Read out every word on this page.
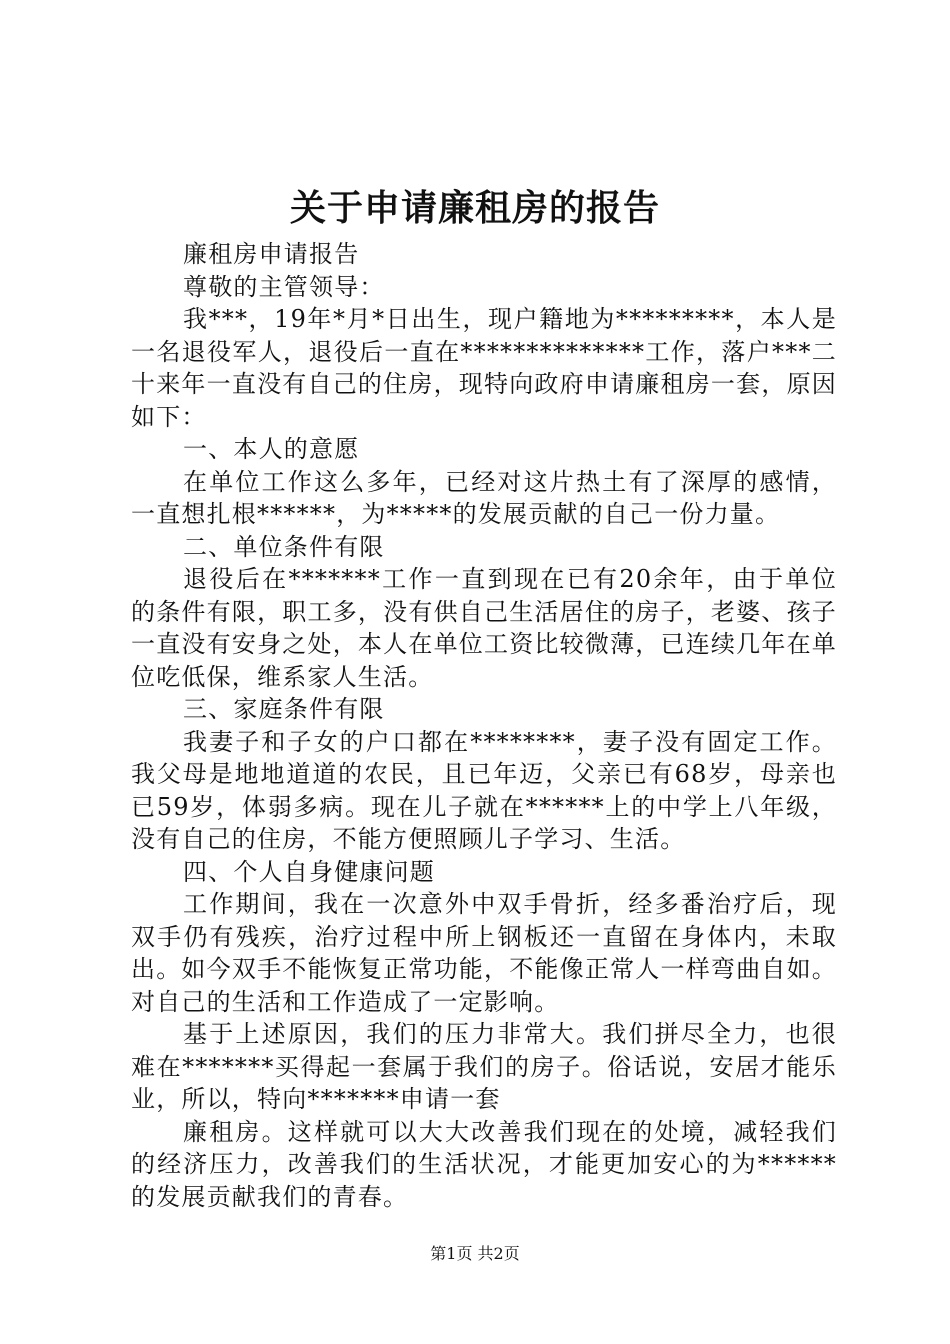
关于申请廉租房的报告

廉租房申请报告

尊敬的主管领导：

我***，19年*月*日出生，现户籍地为*********，本人是一名退役军人，退役后一直在**************工作，落户***二十来年一直没有自己的住房，现特向政府申请廉租房一套，原因如下：

一、本人的意愿

在单位工作这么多年，已经对这片热土有了深厚的感情，一直想扎根******，为*****的发展贡献的自己一份力量。

二、单位条件有限

退役后在*******工作一直到现在已有20余年，由于单位的条件有限，职工多，没有供自己生活居住的房子，老婆、孩子一直没有安身之处，本人在单位工资比较微薄，已连续几年在单位吃低保，维系家人生活。

三、家庭条件有限

我妻子和子女的户口都在********，妻子没有固定工作。我父母是地地道道的农民，且已年迈，父亲已有68岁，母亲也已59岁，体弱多病。现在儿子就在******上的中学上八年级，没有自己的住房，不能方便照顾儿子学习、生活。

四、个人自身健康问题

工作期间，我在一次意外中双手骨折，经多番治疗后，现双手仍有残疾，治疗过程中所上钢板还一直留在身体内，未取出。如今双手不能恢复正常功能，不能像正常人一样弯曲自如。对自己的生活和工作造成了一定影响。

基于上述原因，我们的压力非常大。我们拼尽全力，也很难在*******买得起一套属于我们的房子。俗话说，安居才能乐业，所以，特向*******申请一套

廉租房。这样就可以大大改善我们现在的处境，减轻我们的经济压力，改善我们的生活状况，才能更加安心的为******的发展贡献我们的青春。

第1页 共2页
